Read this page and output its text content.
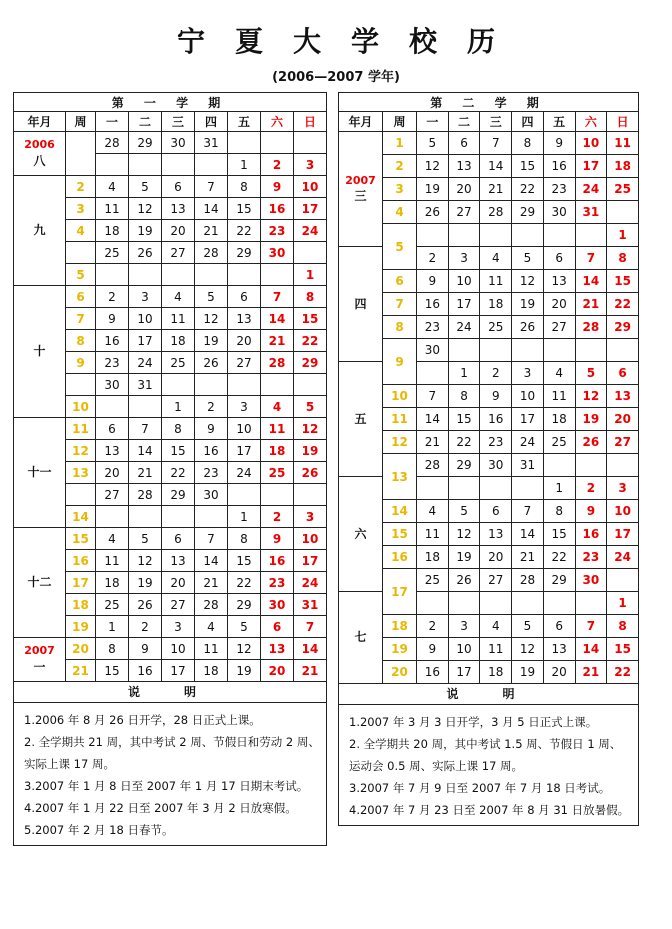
宁夏大学校历
(2006—2007 学年)
第 一 学 期								
年月	周	一	二	三	四	五	六	日

2006
八		28	29	30	31			
						1	2	3
九	2	4	5	6	7	8	9	10
	3	11	12	13	14	15	16	17
	4	18	19	20	21	22	23	24
		25	26	27	28	29	30	
	5							1
十	6	2	3	4	5	6	7	8
	7	9	10	11	12	13	14	15
	8	16	17	18	19	20	21	22
	9	23	24	25	26	27	28	29
		30	31					
	10			1	2	3	4	5
十一	11	6	7	8	9	10	11	12
	12	13	14	15	16	17	18	19
	13	20	21	22	23	24	25	26
		27	28	29	30			
	14					1	2	3
十二	15	4	5	6	7	8	9	10
	16	11	12	13	14	15	16	17
	17	18	19	20	21	22	23	24
	18	25	26	27	28	29	30	31
	19	1	2	3	4	5	6	7

2007
一	20	8	9	10	11	12	13	14
	21	15	16	17	18	19	20	21
说　明
1.2006 年 8 月 26 日开学，28 日正式上课。
2. 全学期共 21 周，其中考试 2 周、节假日和劳动 2 周、实际上课 17 周。
3.2007 年 1 月 8 日至 2007 年 1 月 17 日期末考试。
4.2007 年 1 月 22 日至 2007 年 3 月 2 日放寒假。
5.2007 年 2 月 18 日春节。
第 二 学 期								
年月	周	一	二	三	四	五	六	日

2007
三	1	5	6	7	8	9	10	11
	2	12	13	14	15	16	17	18
	3	19	20	21	22	23	24	25
	4	26	27	28	29	30	31	
	5							1
四		2	3	4	5	6	7	8
	6	9	10	11	12	13	14	15
	7	16	17	18	19	20	21	22
	8	23	24	25	26	27	28	29
	9	30						
五			1	2	3	4	5	6
	10	7	8	9	10	11	12	13
	11	14	15	16	17	18	19	20
	12	21	22	23	24	25	26	27
	13	28	29	30	31			
六						1	2	3
	14	4	5	6	7	8	9	10
	15	11	12	13	14	15	16	17
	16	18	19	20	21	22	23	24
	17	25	26	27	28	29	30	
七								1
	18	2	3	4	5	6	7	8
	19	9	10	11	12	13	14	15
	20	16	17	18	19	20	21	22
说　明
1.2007 年 3 月 3 日开学，3 月 5 日正式上课。
2. 全学期共 20 周，其中考试 1.5 周、节假日 1 周、运动会 0.5 周、实际上课 17 周。
3.2007 年 7 月 9 日至 2007 年 7 月 18 日考试。
4.2007 年 7 月 23 日至 2007 年 8 月 31 日放暑假。
